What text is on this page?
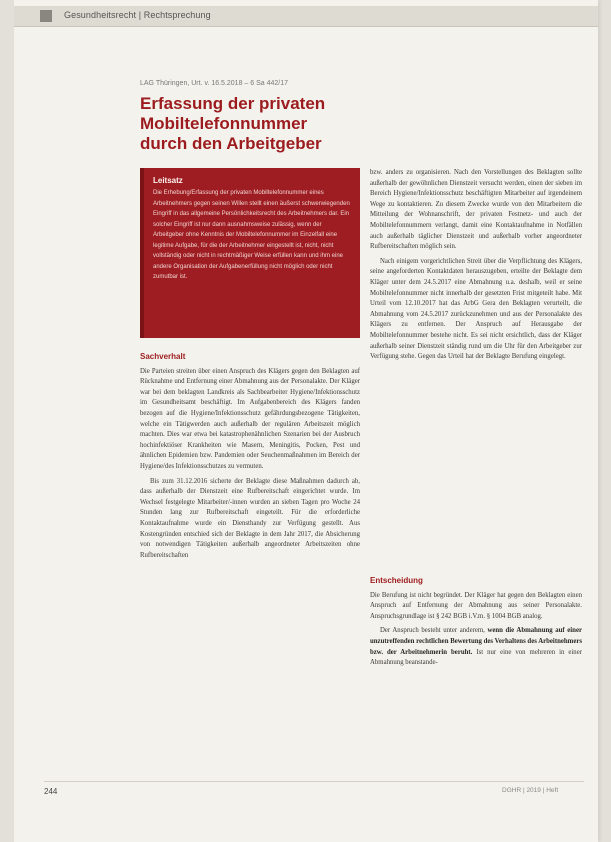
Gesundheitsrecht | Rechtsprechung
LAG Thüringen, Urt. v. 16.5.2018 – 6 Sa 442/17
Erfassung der privaten Mobiltelefonnummer
durch den Arbeitgeber

Leitsatz

Die Erhebung/Erfassung der privaten Mobiltelefonnummer eines Arbeitnehmers gegen seinen Willen stellt einen äußerst schwerwiegenden Eingriff in das allgemeine Persönlichkeitsrecht des Arbeitnehmers dar. Ein solcher Eingriff ist nur dann ausnahmsweise zulässig, wenn der Arbeitgeber ohne Kenntnis der Mobiltelefonnummer im Einzelfall eine legitime Aufgabe, für die der Arbeitnehmer eingestellt ist, nicht, nicht vollständig oder nicht in rechtmäßiger Weise erfüllen kann und ihm eine andere Organisation der Aufgabenerfüllung nicht möglich oder nicht zumutbar ist.

Sachverhalt

Die Parteien streiten über einen Anspruch des Klägers gegen den Beklagten auf Rücknahme und Entfernung einer Abmahnung aus der Personalakte. Der Kläger war bei dem beklagten Landkreis als Sachbearbeiter Hygiene/Infektionsschutz im Gesundheitsamt beschäftigt. Im Aufgabenbereich des Klägers fanden bezogen auf die Hygiene/Infektionsschutz gefährdungsbezogene Tätigkeiten, welche ein Tätigwerden auch außerhalb der regulären Arbeitszeit möglich machten. Dies war etwa bei katastrophenähnlichen Szenarien bei der Ausbruch hochinfektiöser Krankheiten wie Masern, Meningitis, Pocken, Pest und ähnlichen Epidemien bzw. Pandemien oder Seuchenmaßnahmen im Bereich der Hygiene/des Infektionsschutzes zu vermuten.

Bis zum 31.12.2016 sicherte der Beklagte diese Maßnahmen dadurch ab, dass außerhalb der Dienstzeit eine Rufbereitschaft eingerichtet wurde. Im Wechsel festgelegte Mitarbeiter/-innen wurden an sieben Tagen pro Woche 24 Stunden lang zur Rufbereitschaft eingeteilt. Für die erforderliche Kontaktaufnahme wurde ein Diensthandy zur Verfügung gestellt. Aus Kostengründen entschied sich der Beklagte in dem Jahr 2017, die Absicherung von notwendigen Tätigkeiten außerhalb angeordneter Arbeitszeiten ohne Rufbereitschaften

bzw. anders zu organisieren. Nach den Vorstellungen des Beklagten sollte außerhalb der gewöhnlichen Dienstzeit versucht werden, einen der sieben im Bereich Hygiene/Infektionsschutz beschäftigten Mitarbeiter auf irgendeinem Wege zu kontaktieren. Zu diesem Zwecke wurde von den Mitarbeitern die Mitteilung der Wohnanschrift, der privaten Festnetz- und auch der Mobiltelefonnummern verlangt, damit eine Kontaktaufnahme in Notfällen auch außerhalb täglicher Dienstzeit und außerhalb vorher angeordneter Rufbereitschaften möglich sein.

Nach einigem vorgerichtlichen Streit über die Verpflichtung des Klägers, seine angeforderten Kontaktdaten herauszugeben, erteilte der Beklagte dem Kläger unter dem 24.5.2017 eine Abmahnung u.a. deshalb, weil er seine Mobiltelefonnummer nicht innerhalb der gesetzten Frist mitgeteilt habe. Mit Urteil vom 12.10.2017 hat das ArbG Gera den Beklagten verurteilt, die Abmahnung vom 24.5.2017 zurückzunehmen und aus der Personalakte des Klägers zu entfernen. Der Anspruch auf Herausgabe der Mobiltelefonnummer bestehe nicht. Es sei nicht ersichtlich, dass der Kläger außerhalb seiner Dienstzeit ständig rund um die Uhr für den Arbeitgeber zur Verfügung stehe. Gegen das Urteil hat der Beklagte Berufung eingelegt.

Entscheidung

Die Berufung ist nicht begründet. Der Kläger hat gegen den Beklagten einen Anspruch auf Entfernung der Abmahnung aus seiner Personalakte. Anspruchsgrundlage ist § 242 BGB i.V.m. § 1004 BGB analog.

Der Anspruch besteht unter anderem, wenn die Abmahnung auf einer unzutreffenden rechtlichen Bewertung des Verhaltens des Arbeitnehmers bzw. der Arbeitnehmerin beruht. Ist nur eine von mehreren in einer Abmahnung beanstande-

244	DGHR | 2019 | Heft
